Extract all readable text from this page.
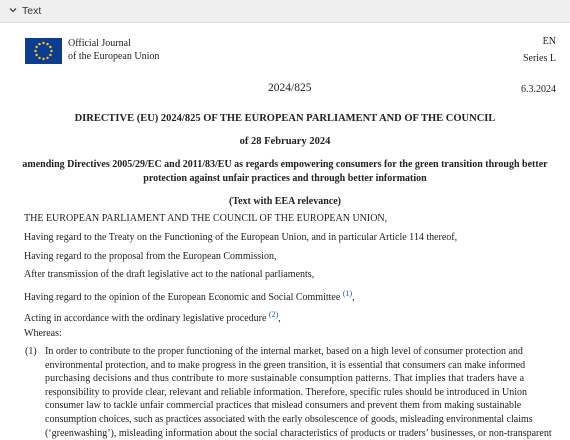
Text
Official Journal
of the European Union
EN
Series L
2024/825	6.3.2024
DIRECTIVE (EU) 2024/825 OF THE EUROPEAN PARLIAMENT AND OF THE COUNCIL
of 28 February 2024
amending Directives 2005/29/EC and 2011/83/EU as regards empowering consumers for the green transition through better
protection against unfair practices and through better information
(Text with EEA relevance)
THE EUROPEAN PARLIAMENT AND THE COUNCIL OF THE EUROPEAN UNION,
Having regard to the Treaty on the Functioning of the European Union, and in particular Article 114 thereof,
Having regard to the proposal from the European Commission,
After transmission of the draft legislative act to the national parliaments,
Having regard to the opinion of the European Economic and Social Committee $^{(1)}$,
Acting in accordance with the ordinary legislative procedure $^{(2)}$,
Whereas:
(1) In order to contribute to the proper functioning of the internal market, based on a high level of consumer protection and
environmental protection, and to make progress in the green transition, it is essential that consumers can make informed
purchasing decisions and thus contribute to more sustainable consumption patterns. That implies that traders have a
responsibility to provide clear, relevant and reliable information. Therefore, specific rules should be introduced in Union
consumer law to tackle unfair commercial practices that mislead consumers and prevent them from making sustainable
consumption choices, such as practices associated with the early obsolescence of goods, misleading environmental claims
(‘greenwashing’), misleading information about the social characteristics of products or traders’ businesses, or non-transparent
